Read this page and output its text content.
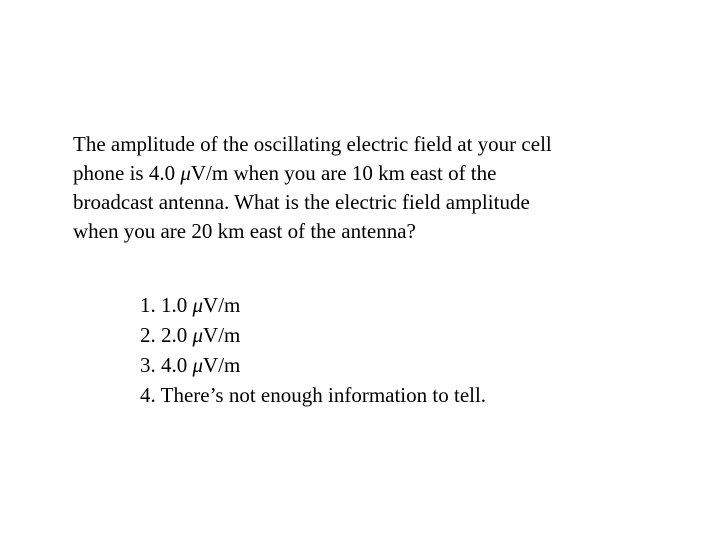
The amplitude of the oscillating electric field at your cell
phone is 4.0 μV/m when you are 10 km east of the
broadcast antenna. What is the electric field amplitude
when you are 20 km east of the antenna?

1. 1.0 μV/m
2. 2.0 μV/m
3. 4.0 μV/m
4. There’s not enough information to tell.
